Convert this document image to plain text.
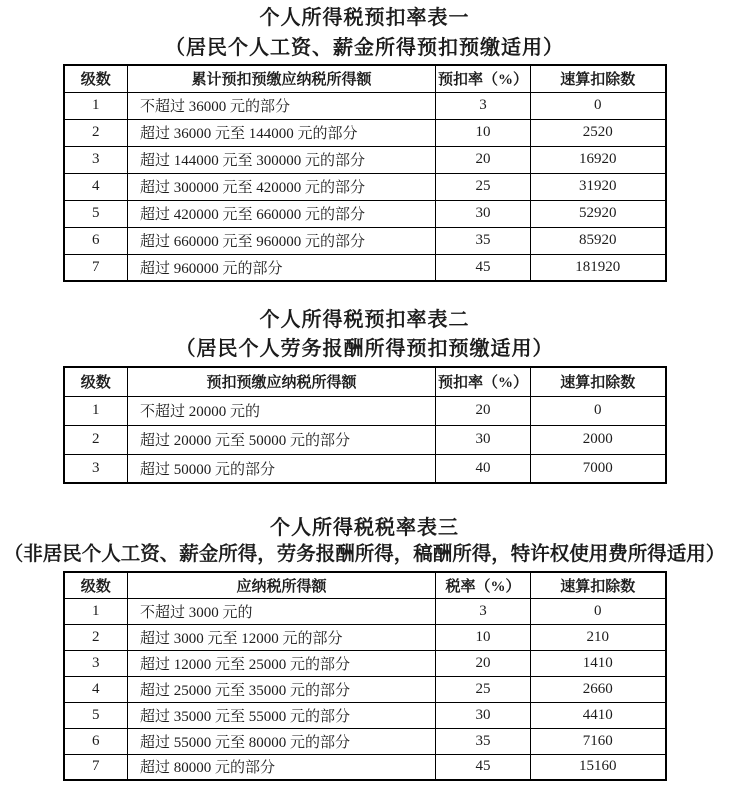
个人所得税预扣率表一
（居民个人工资、薪金所得预扣预缴适用）
级数	累计预扣预缴应纳税所得额	预扣率（%）	速算扣除数
1	不超过 36000 元的部分	3	0
2	超过 36000 元至 144000 元的部分	10	2520
3	超过 144000 元至 300000 元的部分	20	16920
4	超过 300000 元至 420000 元的部分	25	31920
5	超过 420000 元至 660000 元的部分	30	52920
6	超过 660000 元至 960000 元的部分	35	85920
7	超过 960000 元的部分	45	181920
个人所得税预扣率表二
（居民个人劳务报酬所得预扣预缴适用）
级数	预扣预缴应纳税所得额	预扣率（%）	速算扣除数
1	不超过 20000 元的	20	0
2	超过 20000 元至 50000 元的部分	30	2000
3	超过 50000 元的部分	40	7000
个人所得税税率表三
（非居民个人工资、薪金所得，劳务报酬所得，稿酬所得，特许权使用费所得适用）
级数	应纳税所得额	税率（%）	速算扣除数
1	不超过 3000 元的	3	0
2	超过 3000 元至 12000 元的部分	10	210
3	超过 12000 元至 25000 元的部分	20	1410
4	超过 25000 元至 35000 元的部分	25	2660
5	超过 35000 元至 55000 元的部分	30	4410
6	超过 55000 元至 80000 元的部分	35	7160
7	超过 80000 元的部分	45	15160
